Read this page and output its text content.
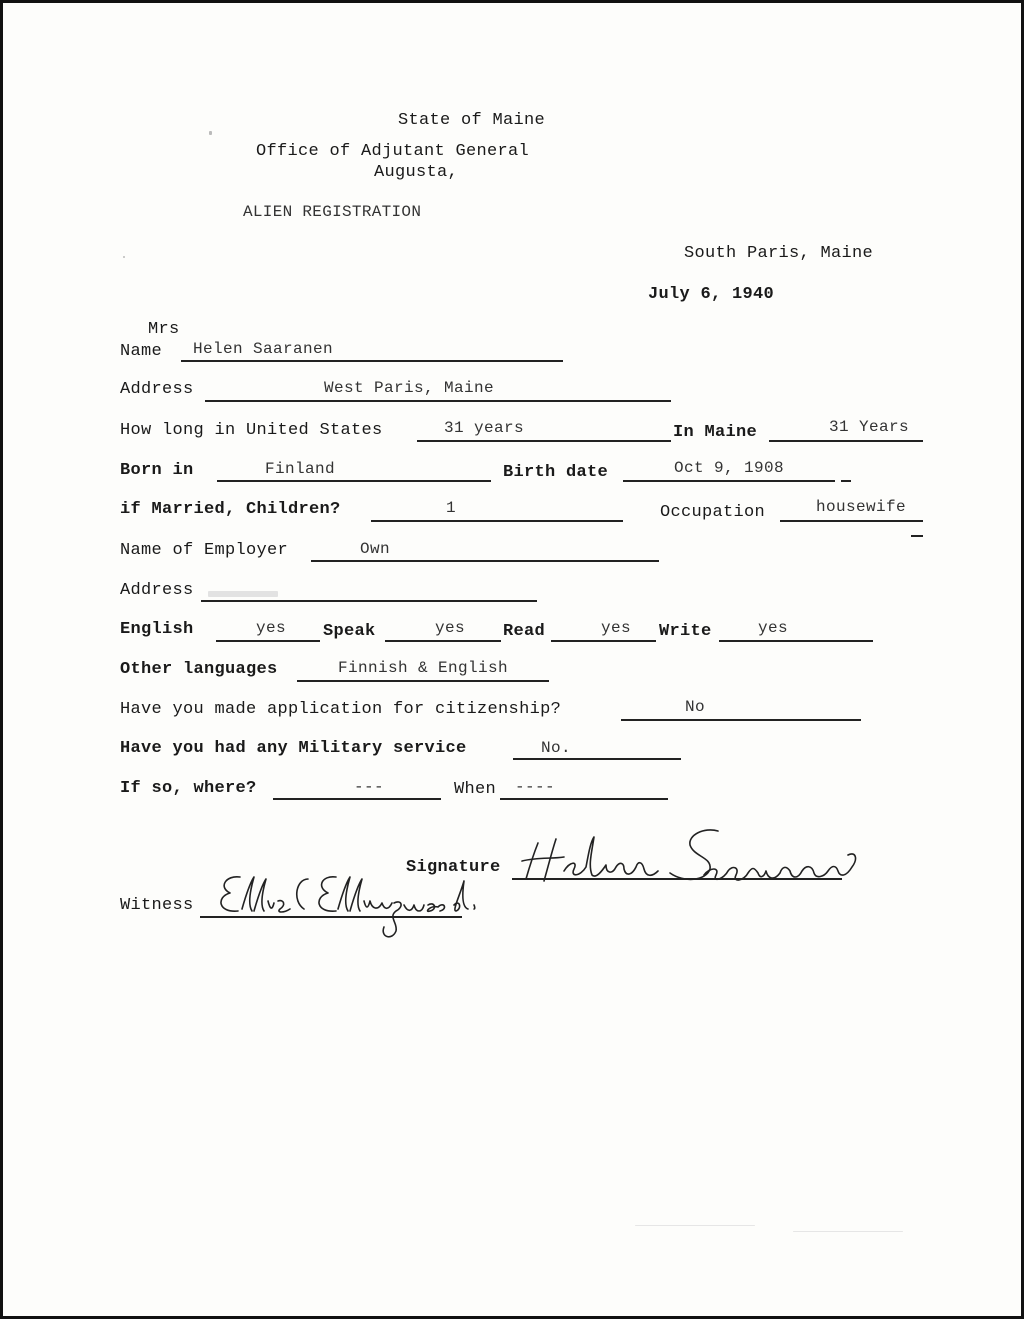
State of Maine
Office of Adjutant General
Augusta,
ALIEN REGISTRATION
South Paris, Maine
July 6, 1940
Mrs
Name Helen Saaranen
Address	West Paris, Maine
How long in United States	31 years	In Maine	31 Years
Born in	Finland	Birth date	Oct 9, 1908
if Married, Children?	1	Occupation	housewife
Name of Employer	Own
Address
English	yes Speak	yes Read	yes Write	yes
Other languages	Finnish & English
Have you made application for citizenship?	No
Have you had any Military service	No.
If so, where?	---	When ----
Signature
Witness
